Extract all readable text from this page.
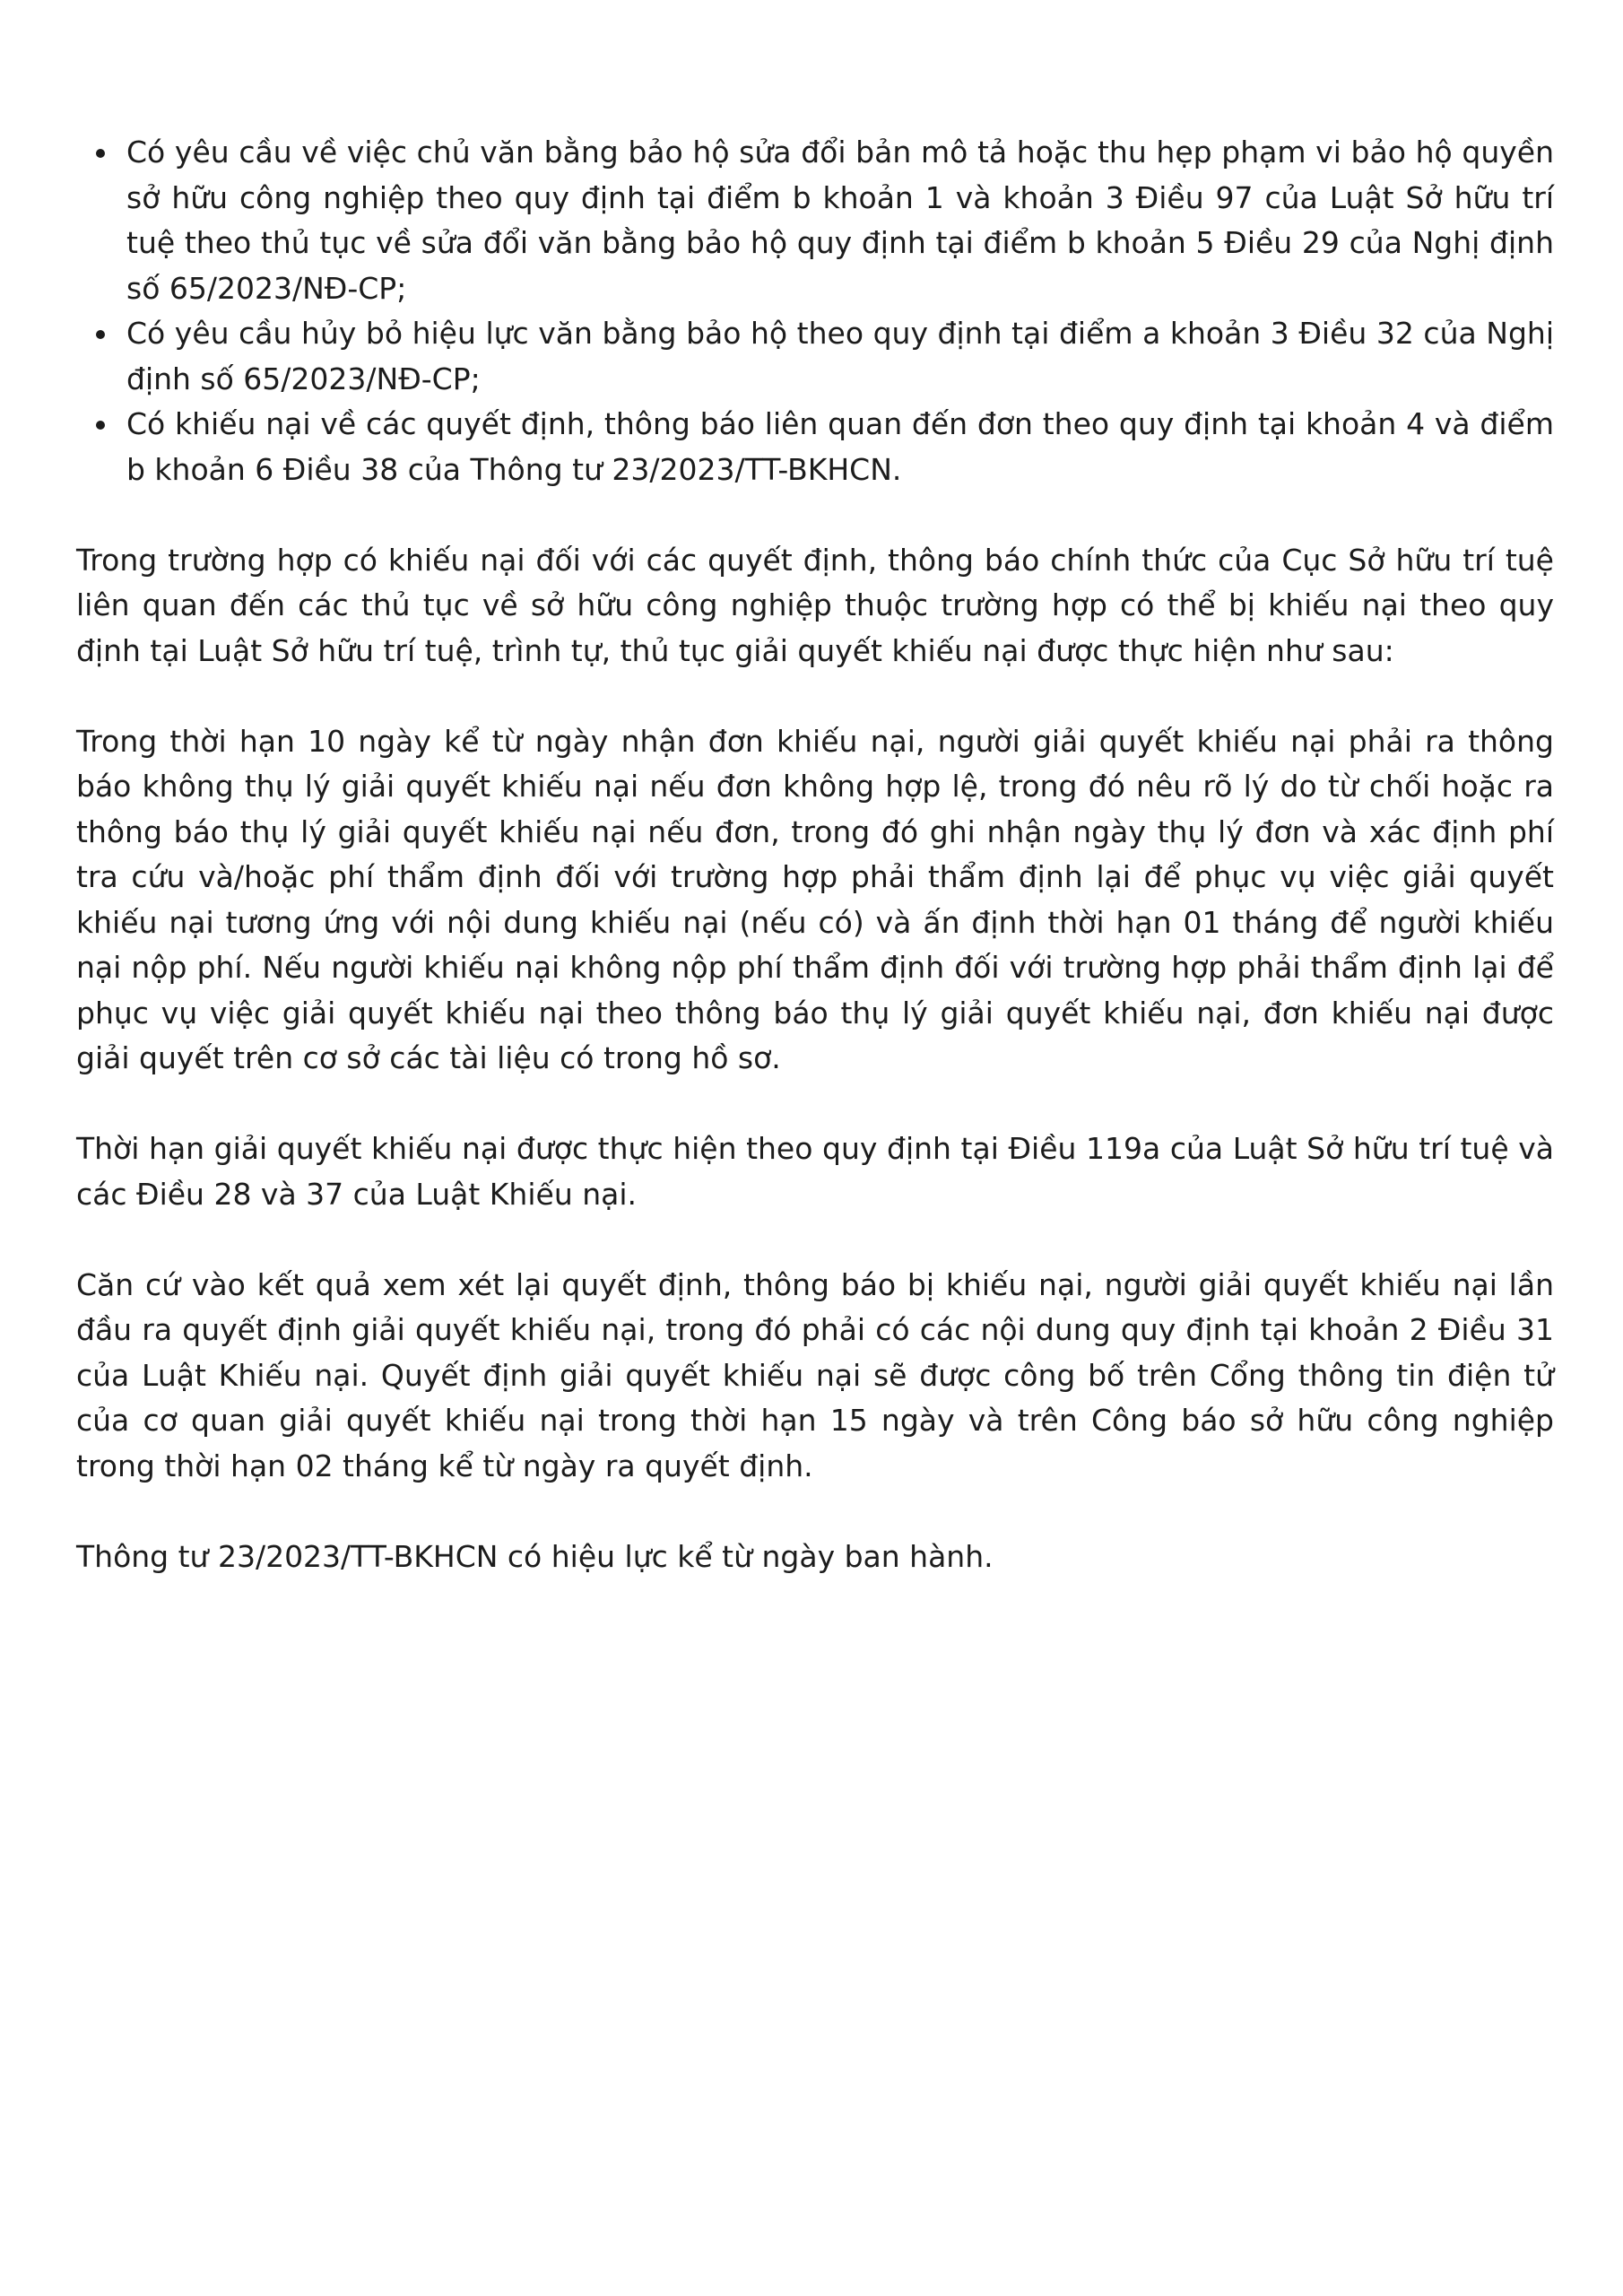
Có yêu cầu về việc chủ văn bằng bảo hộ sửa đổi bản mô tả hoặc thu hẹp phạm vi bảo hộ quyền sở hữu công nghiệp theo quy định tại điểm b khoản 1 và khoản 3 Điều 97 của Luật Sở hữu trí tuệ theo thủ tục về sửa đổi văn bằng bảo hộ quy định tại điểm b khoản 5 Điều 29 của Nghị định số 65/2023/NĐ-CP;
Có yêu cầu hủy bỏ hiệu lực văn bằng bảo hộ theo quy định tại điểm a khoản 3 Điều 32 của Nghị định số 65/2023/NĐ-CP;
Có khiếu nại về các quyết định, thông báo liên quan đến đơn theo quy định tại khoản 4 và điểm b khoản 6 Điều 38 của Thông tư 23/2023/TT-BKHCN.

Trong trường hợp có khiếu nại đối với các quyết định, thông báo chính thức của Cục Sở hữu trí tuệ liên quan đến các thủ tục về sở hữu công nghiệp thuộc trường hợp có thể bị khiếu nại theo quy định tại Luật Sở hữu trí tuệ, trình tự, thủ tục giải quyết khiếu nại được thực hiện như sau:

Trong thời hạn 10 ngày kể từ ngày nhận đơn khiếu nại, người giải quyết khiếu nại phải ra thông báo không thụ lý giải quyết khiếu nại nếu đơn không hợp lệ, trong đó nêu rõ lý do từ chối hoặc ra thông báo thụ lý giải quyết khiếu nại nếu đơn, trong đó ghi nhận ngày thụ lý đơn và xác định phí tra cứu và/hoặc phí thẩm định đối với trường hợp phải thẩm định lại để phục vụ việc giải quyết khiếu nại tương ứng với nội dung khiếu nại (nếu có) và ấn định thời hạn 01 tháng để người khiếu nại nộp phí. Nếu người khiếu nại không nộp phí thẩm định đối với trường hợp phải thẩm định lại để phục vụ việc giải quyết khiếu nại theo thông báo thụ lý giải quyết khiếu nại, đơn khiếu nại được giải quyết trên cơ sở các tài liệu có trong hồ sơ.

Thời hạn giải quyết khiếu nại được thực hiện theo quy định tại Điều 119a của Luật Sở hữu trí tuệ và các Điều 28 và 37 của Luật Khiếu nại.

Căn cứ vào kết quả xem xét lại quyết định, thông báo bị khiếu nại, người giải quyết khiếu nại lần đầu ra quyết định giải quyết khiếu nại, trong đó phải có các nội dung quy định tại khoản 2 Điều 31 của Luật Khiếu nại. Quyết định giải quyết khiếu nại sẽ được công bố trên Cổng thông tin điện tử của cơ quan giải quyết khiếu nại trong thời hạn 15 ngày và trên Công báo sở hữu công nghiệp trong thời hạn 02 tháng kể từ ngày ra quyết định.

Thông tư 23/2023/TT-BKHCN có hiệu lực kể từ ngày ban hành.
